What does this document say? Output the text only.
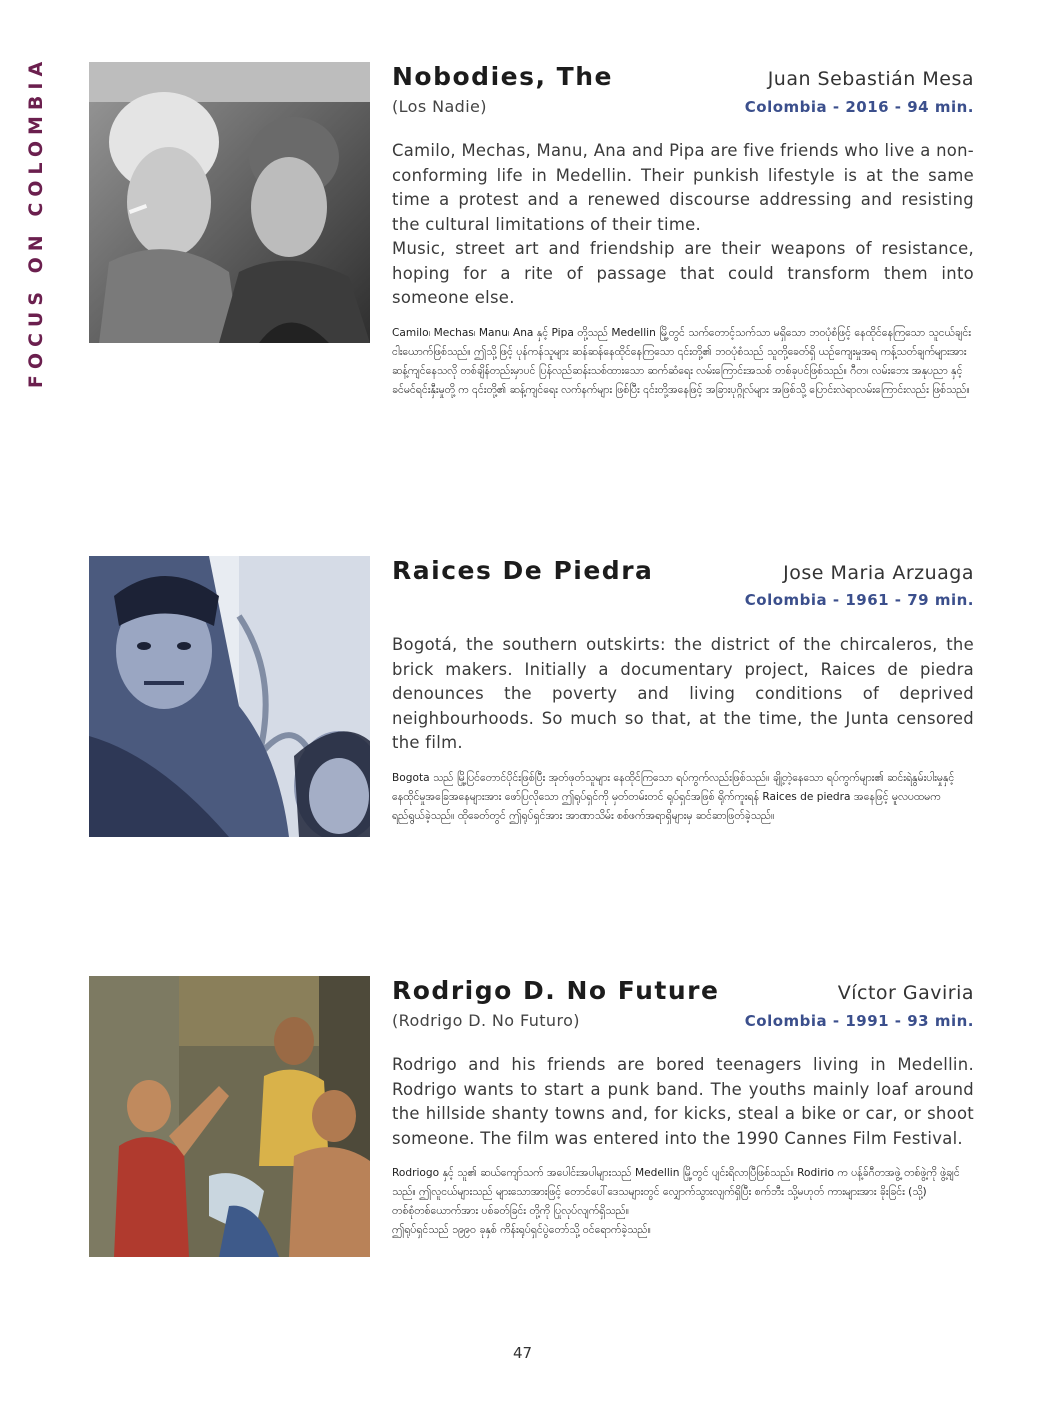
FOCUS ON COLOMBIA	Nobodies, The	Juan Sebastián Mesa
(Los Nadie)	Colombia - 2016 - 94 min.

Camilo, Mechas, Manu, Ana and Pipa are five friends who live a non-conforming life in Medellin. Their punkish lifestyle is at the same time a protest and a renewed discourse addressing and resisting the cultural limitations of their time.

Music, street art and friendship are their weapons of resistance, hoping for a rite of passage that could transform them into someone else.

Camilo၊ Mechas၊ Manu၊ Ana နှင့် Pipa တို့သည် Medellin မြို့တွင် သက်တောင့်သက်သာ မရှိသော ဘဝပုံစံဖြင့် နေထိုင်နေကြသော သူငယ်ချင်း ငါးယောက်ဖြစ်သည်။ ဤသို့ဖြင့် ပုန်ကန်သူများ ဆန်ဆန်နေထိုင်နေကြသော ၎င်းတို့၏ ဘဝပုံစံသည် သူတို့ခေတ်ရှိ ယဉ်ကျေးမှုအရ ကန့်သတ်ချက်များအား ဆန့်ကျင်နေသလို တစ်ချိန်တည်းမှာပင် ပြန်လည်ဆန်းသစ်ထားသော ဆက်ဆံရေး လမ်းကြောင်းအသစ် တစ်ခုပင်ဖြစ်သည်။ ဂီတ၊ လမ်းဘေး အနုပညာ နှင့် ခင်မင်ရင်းနှီးမှုတို့ က ၎င်းတို့၏ ဆန့်ကျင်ရေး လက်နက်များ ဖြစ်ပြီး ၎င်းတို့အနေဖြင့် အခြားပုဂ္ဂိုလ်များ အဖြစ်သို့ ပြောင်းလဲရာလမ်းကြောင်းလည်း ဖြစ်သည်။

Raices De Piedra	Jose Maria Arzuaga
Colombia - 1961 - 79 min.

Bogotá, the southern outskirts: the district of the chircaleros, the brick makers. Initially a documentary project, Raices de piedra denounces the poverty and living conditions of deprived neighbourhoods. So much so that, at the time, the Junta censored the film.

Bogota သည် မြို့ပြင်တောင်ပိုင်းဖြစ်ပြီး အုတ်ဖုတ်သူများ နေထိုင်ကြသော ရပ်ကွက်လည်းဖြစ်သည်။ ချို့တဲ့နေသော ရပ်ကွက်များ၏ ဆင်းရဲနွမ်းပါးမှုနှင့် နေထိုင်မှုအခြေအနေများအား ဖော်ပြလိုသော ဤရုပ်ရှင်ကို မှတ်တမ်းတင် ရုပ်ရှင်အဖြစ် ရိုက်ကူးရန် Raices de piedra အနေဖြင့် မူလပထမက ရည်ရွယ်ခဲ့သည်။ ထိုခေတ်တွင် ဤရုပ်ရှင်အား အာဏာသိမ်း စစ်ဖက်အရာရှိများမှ ဆင်ဆာဖြတ်ခဲ့သည်။

Rodrigo D. No Future	Víctor Gaviria
(Rodrigo D. No Futuro)	Colombia - 1991 - 93 min.

Rodrigo and his friends are bored teenagers living in Medellin. Rodrigo wants to start a punk band. The youths mainly loaf around the hillside shanty towns and, for kicks, steal a bike or car, or shoot someone. The film was entered into the 1990 Cannes Film Festival.

Rodriogo နှင့် သူ၏ ဆယ်ကျော်သက် အပေါင်းအပါများသည် Medellin မြို့တွင် ပျင်းရိလာပြီဖြစ်သည်။ Rodirio က ပန့်ခ်ဂီတအဖွဲ့ တစ်ဖွဲ့ကို ဖွဲ့ချင်သည်။ ဤလူငယ်များသည် များသောအားဖြင့် တောင်ပေါ်ဒေသများတွင် လျှောက်သွားလျက်ရှိပြီး စက်ဘီး သို့မဟုတ် ကားများအား ခိုးခြင်း (သို့) တစ်စုံတစ်ယောက်အား ပစ်ခတ်ခြင်း တို့ကို ပြုလုပ်လျက်ရှိသည်။

ဤရုပ်ရှင်သည် ၁၉၉၀ ခုနှစ် ကိန်းရုပ်ရှင်ပွဲတော်သို့ ဝင်ရောက်ခဲ့သည်။

47
